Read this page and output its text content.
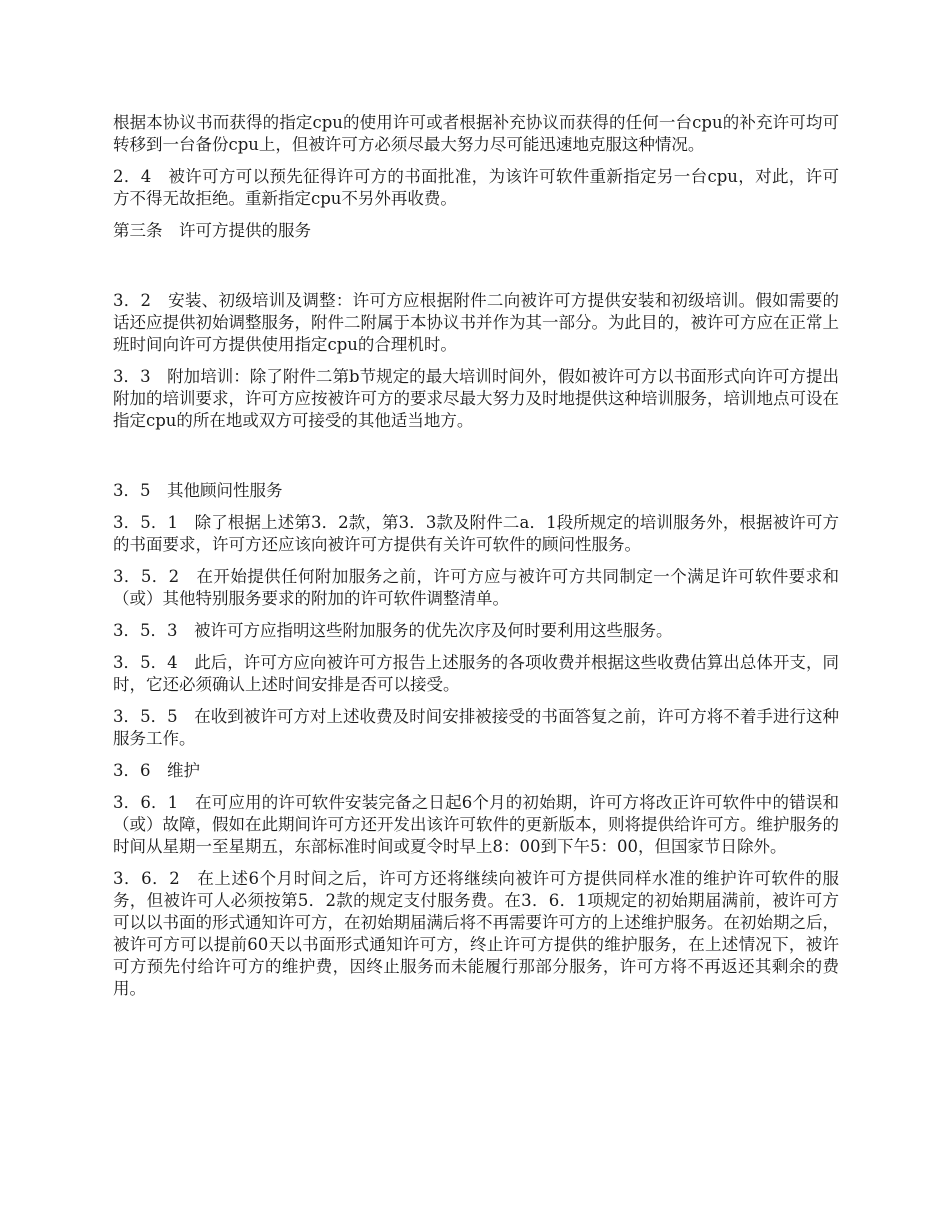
根据本协议书而获得的指定cpu的使用许可或者根据补充协议而获得的任何一台cpu的补充许可均可转移到一台备份cpu上，但被许可方必须尽最大努力尽可能迅速地克服这种情况。

2．4　被许可方可以预先征得许可方的书面批准，为该许可软件重新指定另一台cpu，对此，许可方不得无故拒绝。重新指定cpu不另外再收费。

第三条　许可方提供的服务

3．2　安装、初级培训及调整：许可方应根据附件二向被许可方提供安装和初级培训。假如需要的话还应提供初始调整服务，附件二附属于本协议书并作为其一部分。为此目的，被许可方应在正常上班时间向许可方提供使用指定cpu的合理机时。

3．3　附加培训：除了附件二第b节规定的最大培训时间外，假如被许可方以书面形式向许可方提出附加的培训要求，许可方应按被许可方的要求尽最大努力及时地提供这种培训服务，培训地点可设在指定cpu的所在地或双方可接受的其他适当地方。

3．5　其他顾问性服务

3．5．1　除了根据上述第3．2款，第3．3款及附件二a．1段所规定的培训服务外，根据被许可方的书面要求，许可方还应该向被许可方提供有关许可软件的顾问性服务。

3．5．2　在开始提供任何附加服务之前，许可方应与被许可方共同制定一个满足许可软件要求和（或）其他特别服务要求的附加的许可软件调整清单。

3．5．3　被许可方应指明这些附加服务的优先次序及何时要利用这些服务。

3．5．4　此后，许可方应向被许可方报告上述服务的各项收费并根据这些收费估算出总体开支，同时，它还必须确认上述时间安排是否可以接受。

3．5．5　在收到被许可方对上述收费及时间安排被接受的书面答复之前，许可方将不着手进行这种服务工作。

3．6　维护

3．6．1　在可应用的许可软件安装完备之日起6个月的初始期，许可方将改正许可软件中的错误和（或）故障，假如在此期间许可方还开发出该许可软件的更新版本，则将提供给许可方。维护服务的时间从星期一至星期五，东部标准时间或夏令时早上8：00到下午5：00，但国家节日除外。

3．6．2　在上述6个月时间之后，许可方还将继续向被许可方提供同样水准的维护许可软件的服务，但被许可人必须按第5．2款的规定支付服务费。在3．6．1项规定的初始期届满前，被许可方可以以书面的形式通知许可方，在初始期届满后将不再需要许可方的上述维护服务。在初始期之后，被许可方可以提前60天以书面形式通知许可方，终止许可方提供的维护服务，在上述情况下，被许可方预先付给许可方的维护费，因终止服务而未能履行那部分服务，许可方将不再返还其剩余的费用。
